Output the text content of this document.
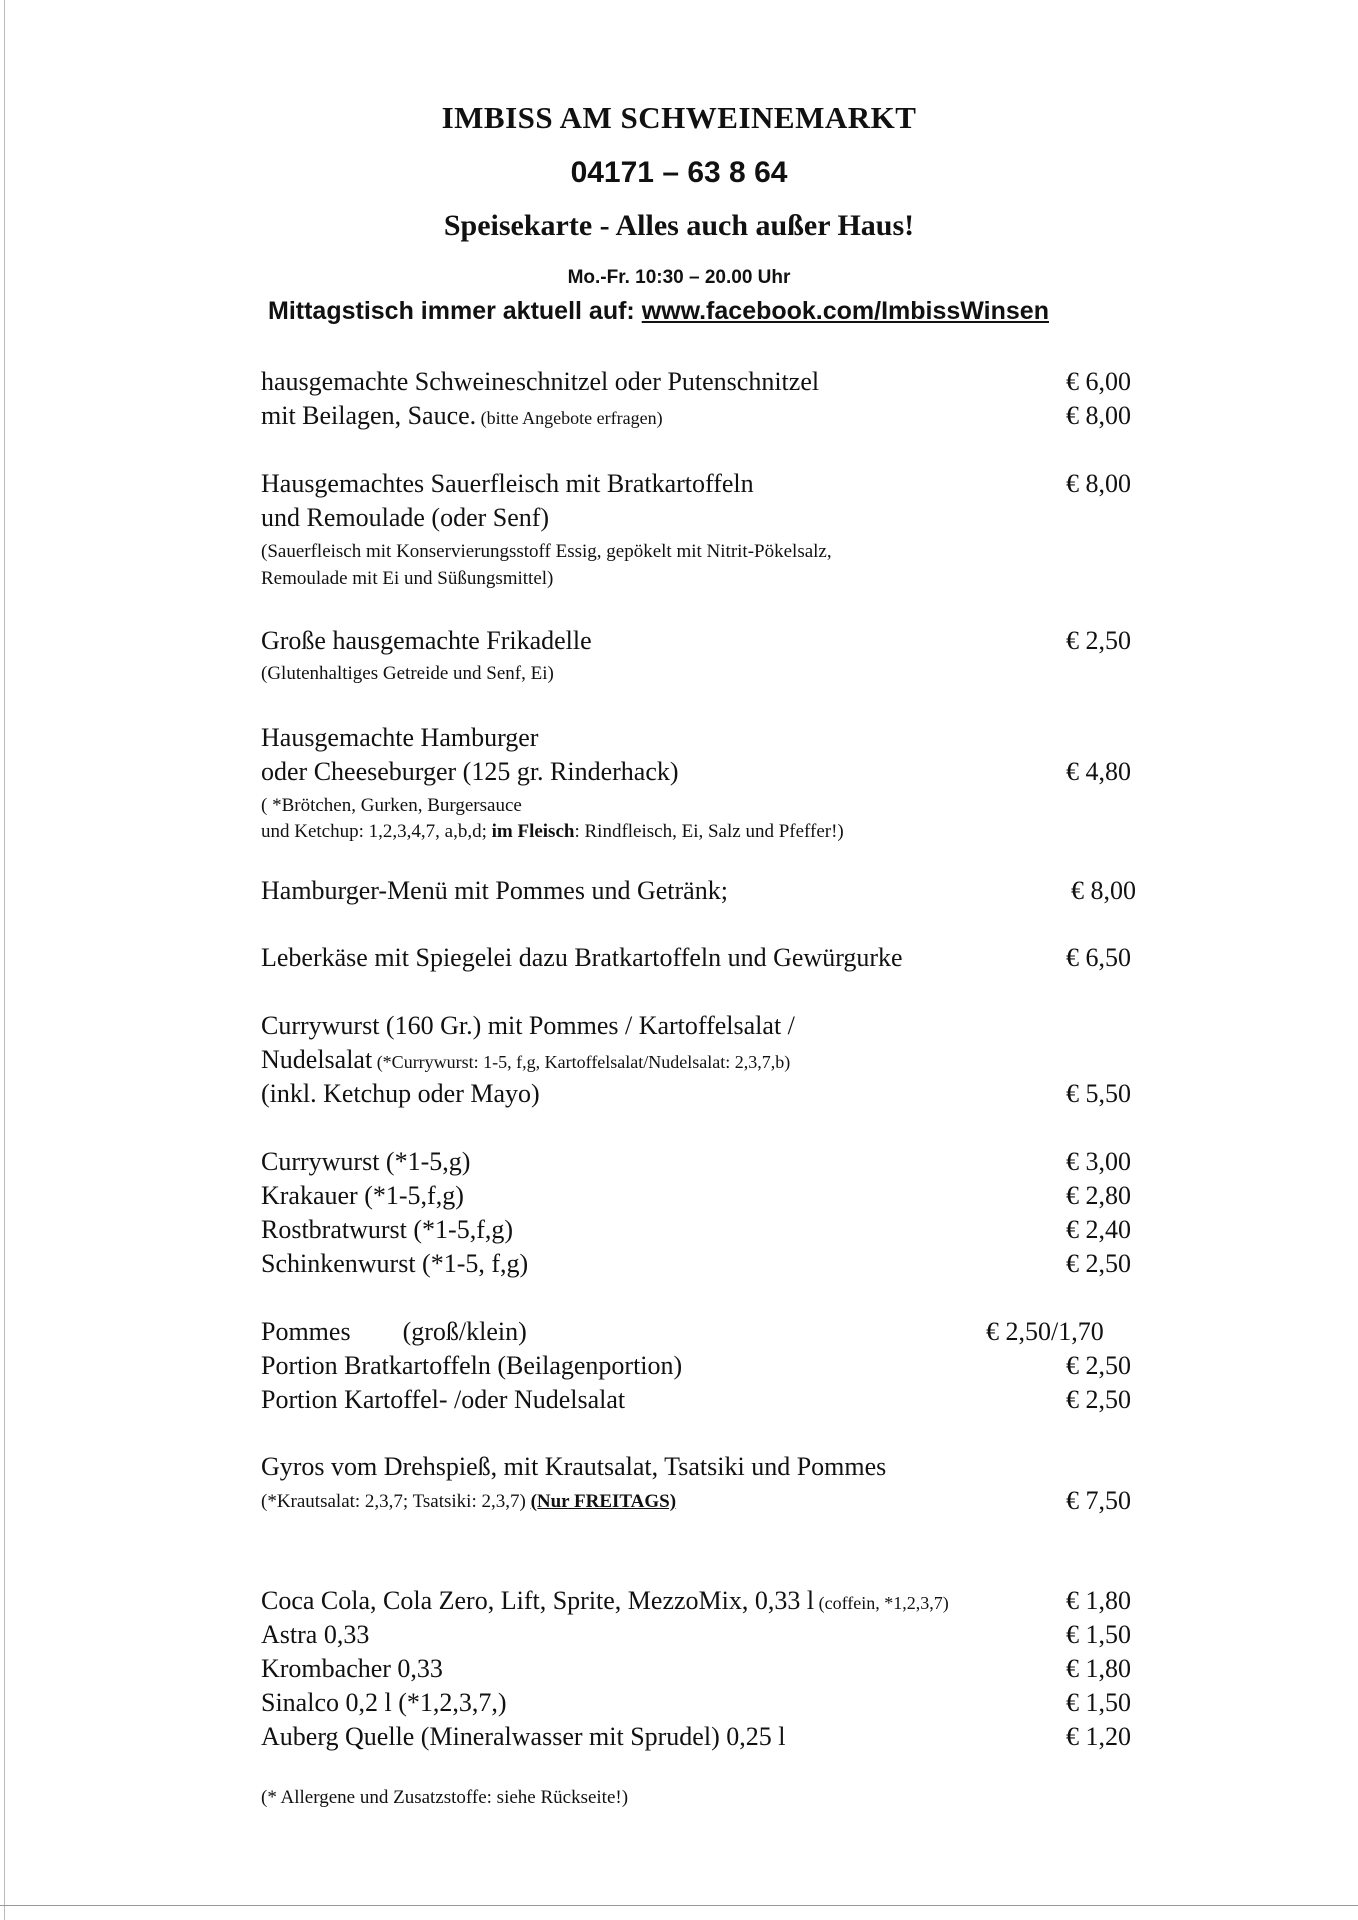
IMBISS AM SCHWEINEMARKT
04171 – 63 8 64
Speisekarte - Alles auch außer Haus!
Mo.-Fr. 10:30 – 20.00 Uhr
Mittagstisch immer aktuell auf: www.facebook.com/ImbissWinsen
hausgemachte Schweineschnitzel oder Putenschnitzel	€ 6,00
mit Beilagen, Sauce. (bitte Angebote erfragen)	€ 8,00
Hausgemachtes Sauerfleisch mit Bratkartoffeln	€ 8,00
und Remoulade (oder Senf)
(Sauerfleisch mit Konservierungsstoff Essig, gepökelt mit Nitrit-Pökelsalz,
Remoulade mit Ei und Süßungsmittel)
Große hausgemachte Frikadelle	€ 2,50
(Glutenhaltiges Getreide und Senf, Ei)
Hausgemachte Hamburger
oder Cheeseburger (125 gr. Rinderhack)	€ 4,80
( *Brötchen, Gurken, Burgersauce
und Ketchup: 1,2,3,4,7, a,b,d; im Fleisch: Rindfleisch, Ei, Salz und Pfeffer!)
Hamburger-Menü mit Pommes und Getränk;	€ 8,00
Leberkäse mit Spiegelei dazu Bratkartoffeln und Gewürgurke	€ 6,50
Currywurst (160 Gr.) mit Pommes / Kartoffelsalat /
Nudelsalat (*Currywurst: 1-5, f,g, Kartoffelsalat/Nudelsalat: 2,3,7,b)
(inkl. Ketchup oder Mayo)	€ 5,50
Currywurst (*1-5,g)	€ 3,00
Krakauer (*1-5,f,g)	€ 2,80
Rostbratwurst (*1-5,f,g)	€ 2,40
Schinkenwurst (*1-5, f,g)	€ 2,50
Pommes        (groß/klein)	€ 2,50/1,70
Portion Bratkartoffeln (Beilagenportion)	€ 2,50
Portion Kartoffel- /oder Nudelsalat	€ 2,50
Gyros vom Drehspieß, mit Krautsalat, Tsatsiki und Pommes
(*Krautsalat: 2,3,7; Tsatsiki: 2,3,7) (Nur FREITAGS)	€ 7,50
Coca Cola, Cola Zero, Lift, Sprite, MezzoMix, 0,33 l (coffein, *1,2,3,7)	€ 1,80
Astra 0,33	€ 1,50
Krombacher 0,33	€ 1,80
Sinalco 0,2 l (*1,2,3,7,)	€ 1,50
Auberg Quelle (Mineralwasser mit Sprudel) 0,25 l	€ 1,20
(* Allergene und Zusatzstoffe: siehe Rückseite!)
